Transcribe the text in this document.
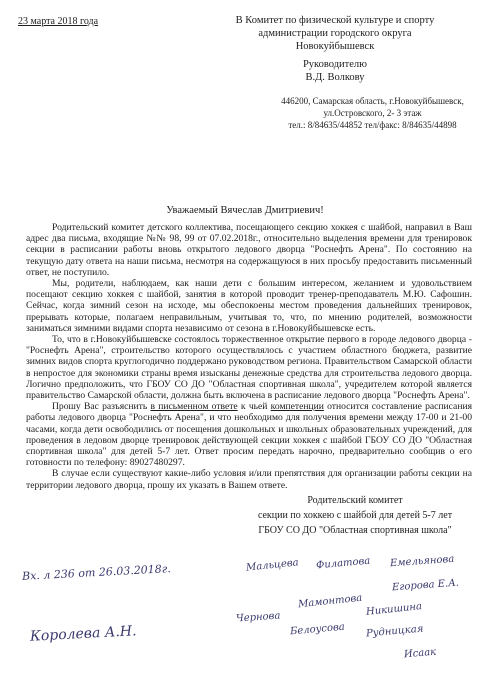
23 марта 2018 года	В Комитет по физической культуре и спорту
администрации городского округа
Новокуйбышевск
Руководителю
В.Д. Волкову
446200, Самарская область, г.Новокуйбышевск,
ул.Островского, 2- 3 этаж
тел.: 8/84635/44852 тел/факс: 8/84635/44898
Уважаемый Вячеслав Дмитриевич!

Родительский комитет детского коллектива, посещающего секцию хоккея с шайбой, направил в Ваш адрес два письма, входящие №№ 98, 99 от 07.02.2018г., относительно выделения времени для тренировок секции в расписании работы вновь открытого ледового дворца "Роснефть Арена". По состоянию на текущую дату ответа на наши письма, несмотря на содержащуюся в них просьбу предоставить письменный ответ, не поступило.

Мы, родители, наблюдаем, как наши дети с большим интересом, желанием и удовольствием посещают секцию хоккея с шайбой, занятия в которой проводит тренер-преподаватель М.Ю. Сафошин. Сейчас, когда зимний сезон на исходе, мы обеспокоены местом проведения дальнейших тренировок, прерывать которые, полагаем неправильным, учитывая то, что, по мнению родителей, возможности заниматься зимними видами спорта независимо от сезона в г.Новокуйбышевске есть.

То, что в г.Новокуйбышевске состоялось торжественное открытие первого в городе ледового дворца - "Роснефть Арена", строительство которого осуществлялось с участием областного бюджета, развитие зимних видов спорта круглогодично поддержано руководством региона. Правительством Самарской области в непростое для экономики страны время изысканы денежные средства для строительства ледового дворца. Логично предположить, что ГБОУ СО ДО "Областная спортивная школа", учредителем которой является правительство Самарской области, должна быть включена в расписание ледового дворца "Роснефть Арена".

Прошу Вас разъяснить в письменном ответе к чьей компетенции относится составление расписания работы ледового дворца "Роснефть Арена", и что необходимо для получения времени между 17-00 и 21-00 часами, когда дети освободились от посещения дошкольных и школьных образовательных учреждений, для проведения в ледовом дворце тренировок действующей секции хоккея с шайбой ГБОУ СО ДО "Областная спортивная школа" для детей 5-7 лет. Ответ просим передать нарочно, предварительно сообщив о его готовности по телефону: 89027480297.

В случае если существуют какие-либо условия и/или препятствия для организации работы секции на территории ледового дворца, прошу их указать в Вашем ответе.

Родительский комитет
секции по хоккею с шайбой для детей 5-7 лет
ГБОУ СО ДО "Областная спортивная школа"
Вх. л 236 от 26.03.2018г.
Королева А.Н.
Мальцева Филатова Емельянова
Егорова Е.А.
Мамонтова Никишина
Чернова
Белоусова Рудницкая
Исаак
